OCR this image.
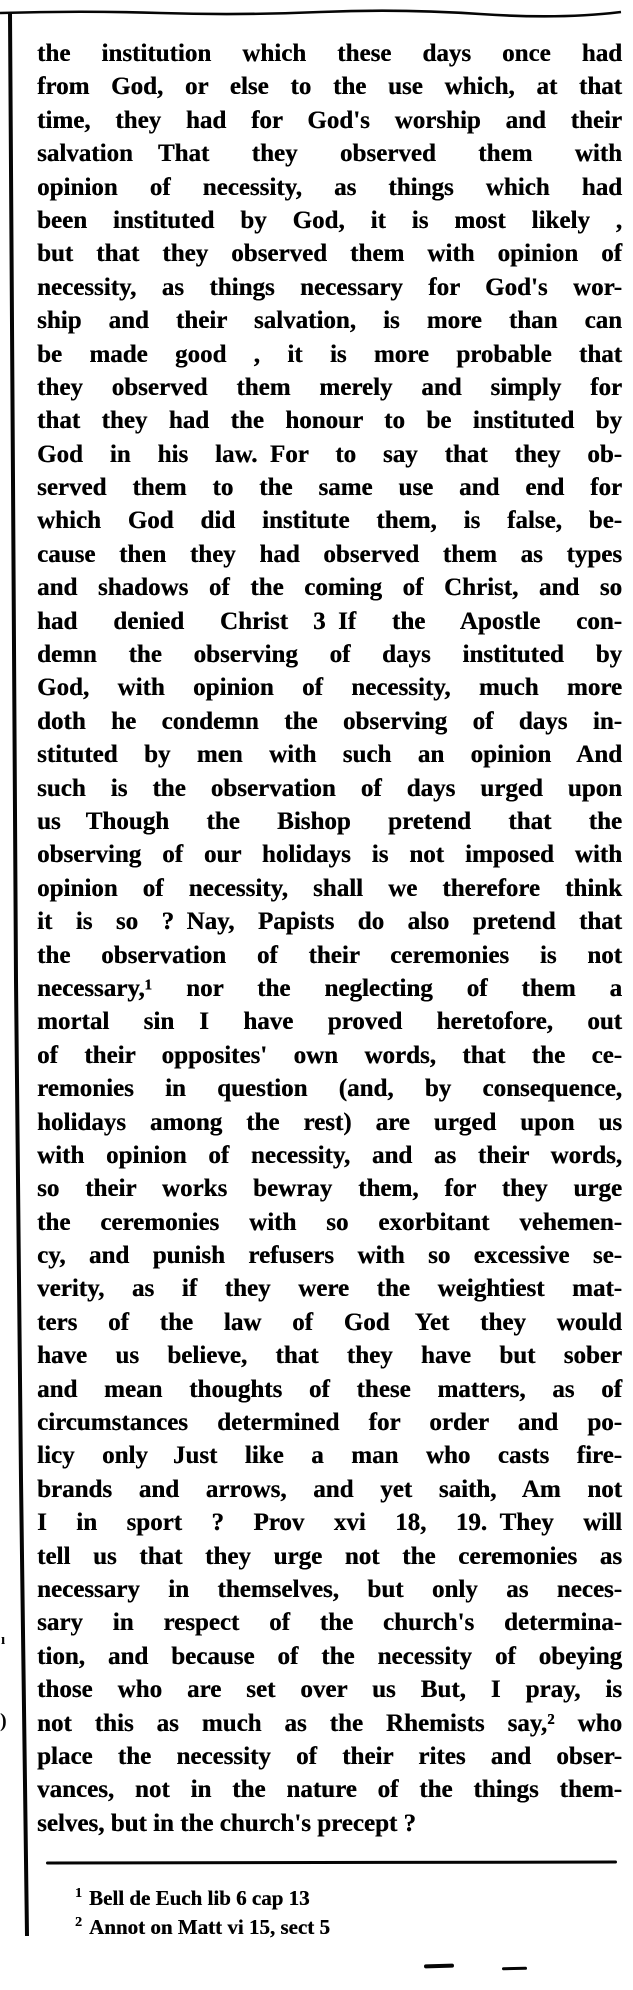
the institution which these days once had
from God, or else to the use which, at that
time, they had for God's worship and their
salvation That they observed them with
opinion of necessity, as things which had
been instituted by God, it is most likely ,
but that they observed them with opinion of
necessity, as things necessary for God's wor-
ship and their salvation, is more than can
be made good , it is more probable that
they observed them merely and simply for
that they had the honour to be instituted by
God in his law. For to say that they ob-
served them to the same use and end for
which God did institute them, is false, be-
cause then they had observed them as types
and shadows of the coming of Christ, and so
had denied Christ 3 If the Apostle con-
demn the observing of days instituted by
God, with opinion of necessity, much more
doth he condemn the observing of days in-
stituted by men with such an opinion And
such is the observation of days urged upon
us Though the Bishop pretend that the
observing of our holidays is not imposed with
opinion of necessity, shall we therefore think
it is so ? Nay, Papists do also pretend that
the observation of their ceremonies is not
necessary,¹ nor the neglecting of them a
mortal sin I have proved heretofore, out
of their opposites' own words, that the ce-
remonies in question (and, by consequence,
holidays among the rest) are urged upon us
with opinion of necessity, and as their words,
so their works bewray them, for they urge
the ceremonies with so exorbitant vehemen-
cy, and punish refusers with so excessive se-
verity, as if they were the weightiest mat-
ters of the law of God Yet they would
have us believe, that they have but sober
and mean thoughts of these matters, as of
circumstances determined for order and po-
licy only Just like a man who casts fire-
brands and arrows, and yet saith, Am not
I in sport ? Prov xvi 18, 19. They will
tell us that they urge not the ceremonies as
necessary in themselves, but only as neces-
sary in respect of the church's determina-
tion, and because of the necessity of obeying
those who are set over us But, I pray, is
not this as much as the Rhemists say,² who
place the necessity of their rites and obser-
vances, not in the nature of the things them-
selves, but in the church's precept ?
$^1$ Bell de Euch lib 6 cap 13
$^2$ Annot on Matt vi 15, sect 5
ı
)
